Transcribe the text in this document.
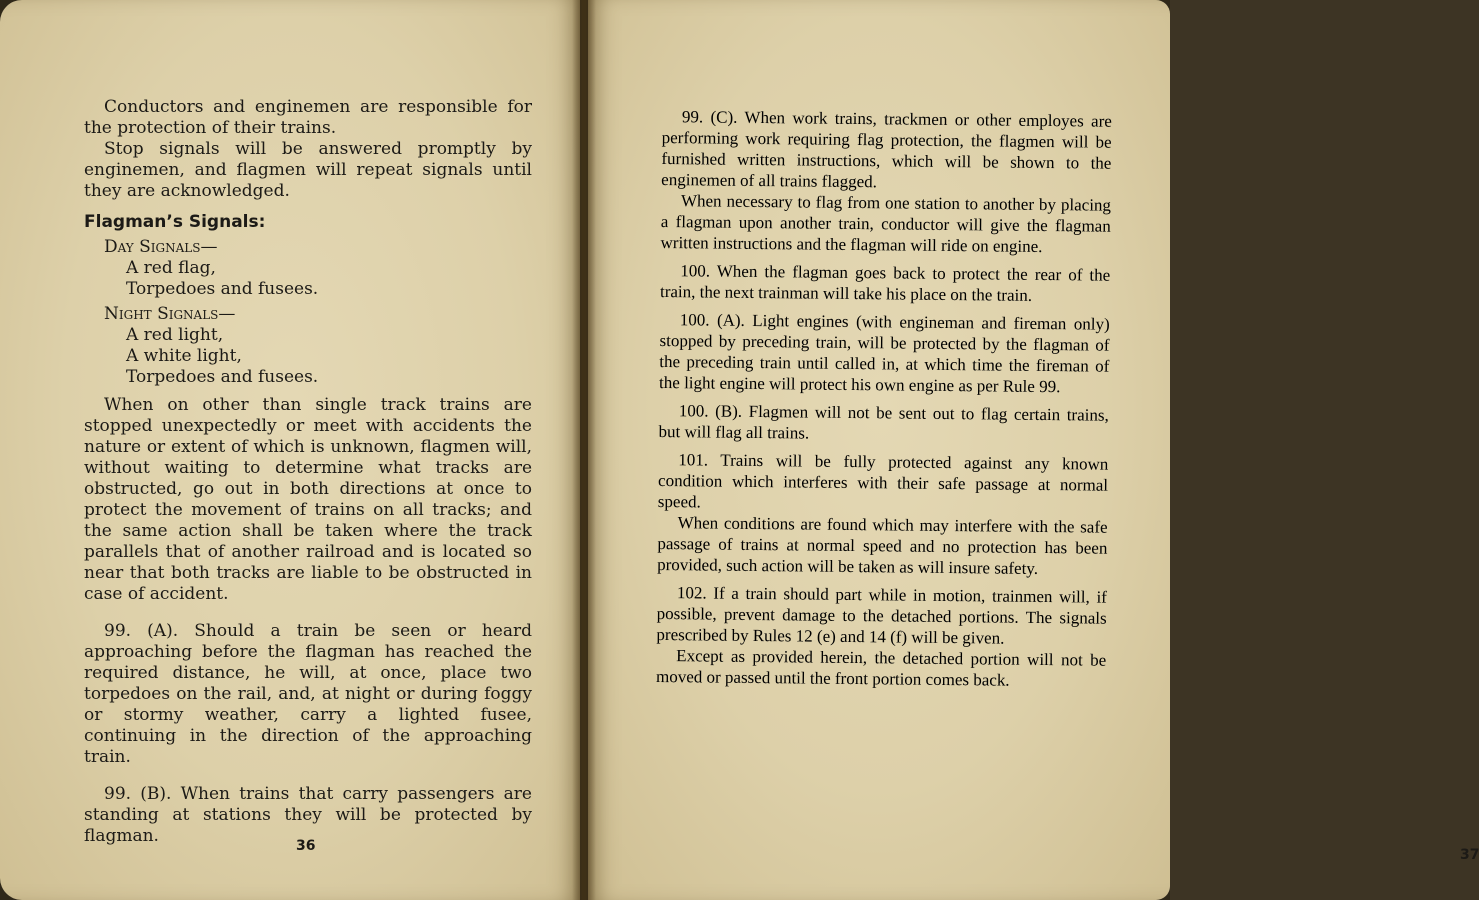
Conductors and enginemen are responsible for the protection of their trains.

Stop signals will be answered promptly by enginemen, and flagmen will repeat signals until they are acknowledged.

Flagman’s Signals:
Day Signals—
A red flag,
Torpedoes and fusees.
Night Signals—
A red light,
A white light,
Torpedoes and fusees.

When on other than single track trains are stopped unexpectedly or meet with accidents the nature or extent of which is unknown, flagmen will, without waiting to determine what tracks are obstructed, go out in both directions at once to protect the movement of trains on all tracks; and the same action shall be taken where the track parallels that of another railroad and is located so near that both tracks are liable to be obstructed in case of accident.

99. (A). Should a train be seen or heard approaching before the flagman has reached the required distance, he will, at once, place two torpedoes on the rail, and, at night or during foggy or stormy weather, carry a lighted fusee, continuing in the direction of the approaching train.

99. (B). When trains that carry passengers are standing at stations they will be protected by flagman.	36
37

99. (C). When work trains, trackmen or other employes are performing work requiring flag protection, the flagmen will be furnished written instructions, which will be shown to the enginemen of all trains flagged.

When necessary to flag from one station to another by placing a flagman upon another train, conductor will give the flagman written instructions and the flagman will ride on engine.

100. When the flagman goes back to protect the rear of the train, the next trainman will take his place on the train.

100. (A). Light engines (with engineman and fireman only) stopped by preceding train, will be protected by the flagman of the preceding train until called in, at which time the fireman of the light engine will protect his own engine as per Rule 99.

100. (B). Flagmen will not be sent out to flag certain trains, but will flag all trains.

101. Trains will be fully protected against any known condition which interferes with their safe passage at normal speed.

When conditions are found which may interfere with the safe passage of trains at normal speed and no protection has been provided, such action will be taken as will insure safety.

102. If a train should part while in motion, trainmen will, if possible, prevent damage to the detached portions. The signals prescribed by Rules 12 (e) and 14 (f) will be given.

Except as provided herein, the detached portion will not be moved or passed until the front portion comes back.
